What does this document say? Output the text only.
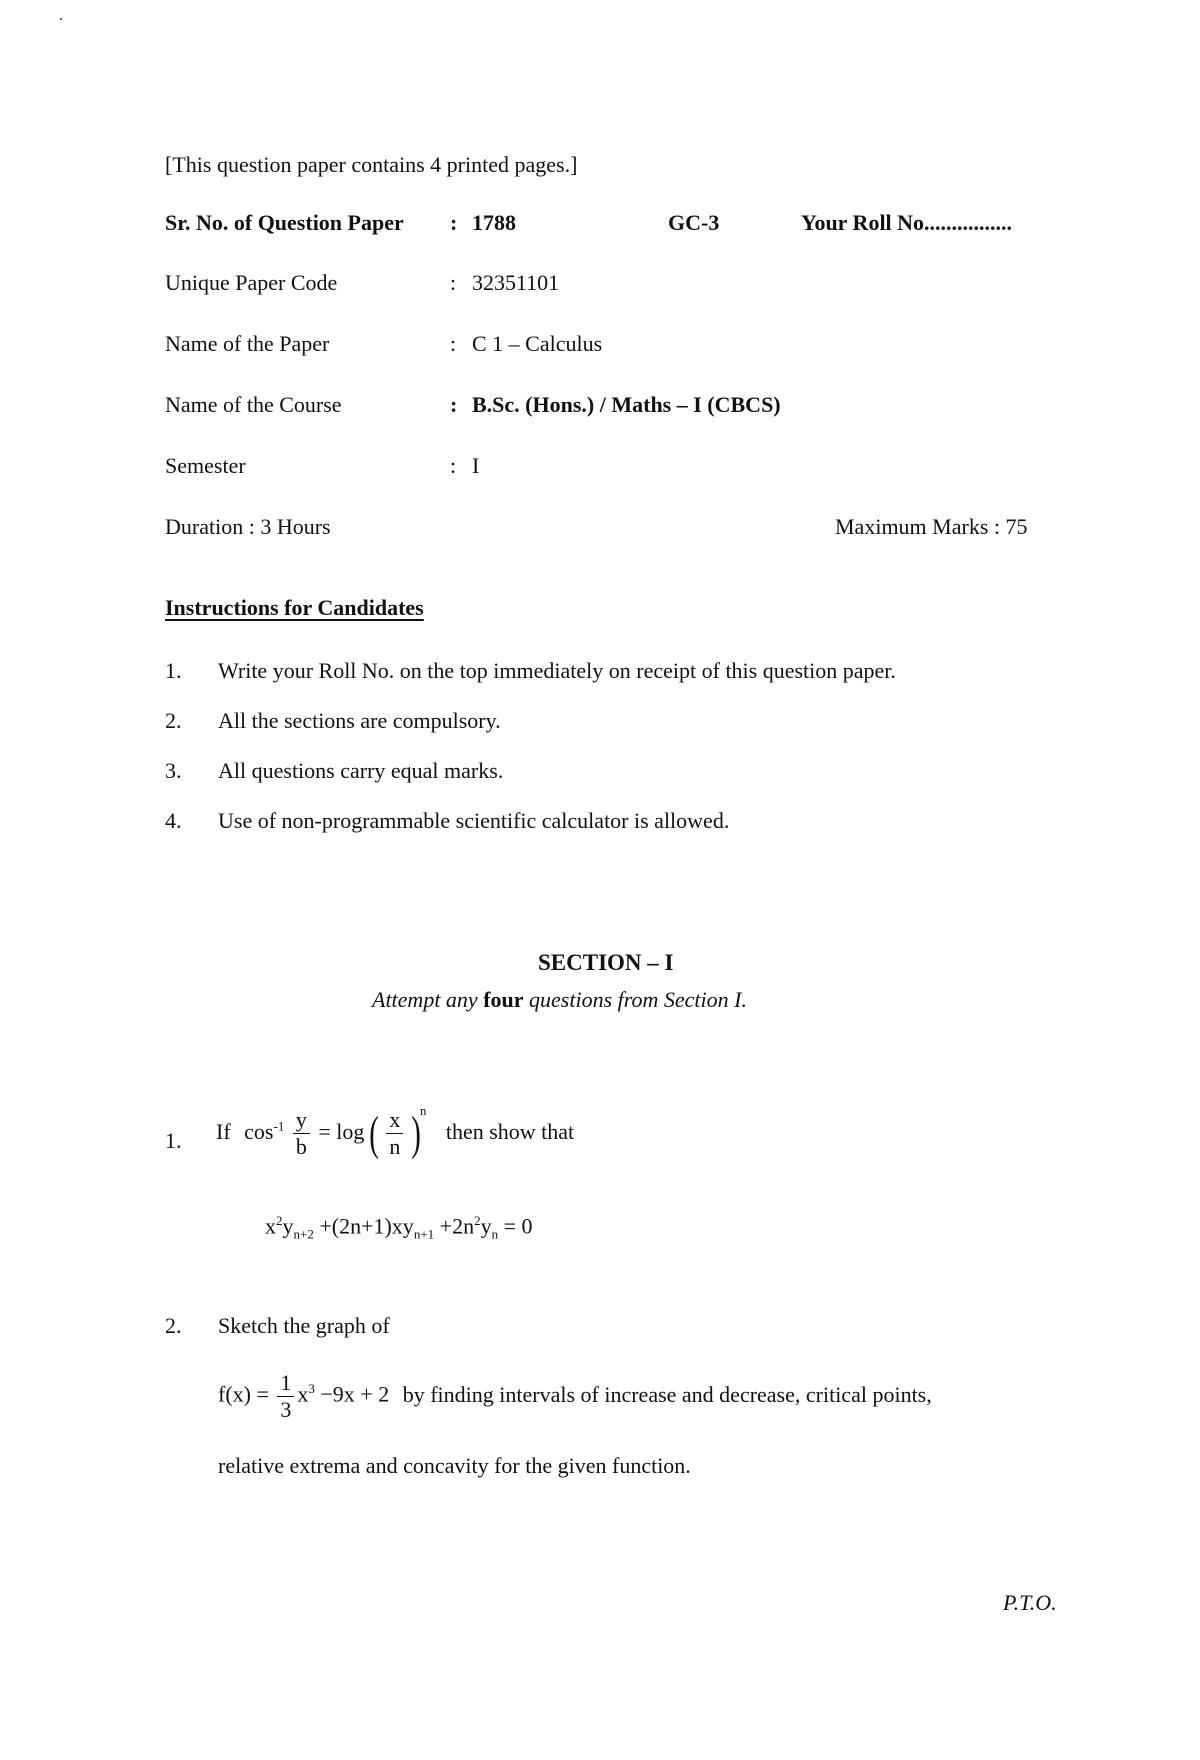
[This question paper contains 4 printed pages.]
Sr. No. of Question Paper : 1788	GC-3	Your Roll No................
Unique Paper Code	: 32351101
Name of the Paper	: C 1 – Calculus
Name of the Course	: B.Sc. (Hons.) / Maths – I (CBCS)
Semester	: I
Duration : 3 Hours	Maximum Marks : 75
Instructions for Candidates
1. Write your Roll No. on the top immediately on receipt of this question paper.
2. All the sections are compulsory.
3. All questions carry equal marks.
4. Use of non-programmable scientific calculator is allowed.
SECTION – I
Attempt any four questions from Section I.
1. If $\cos^{-1} \frac{y}{b} = \log$ ( $\frac{x}{n} )^n$ then show that
$x^2y_{n+2} +(2n+1)xy_{n+1} +2n^2y_n = 0$
2. Sketch the graph of
$f(x) = \frac{1}{3} x^3 -9x + 2$ by finding intervals of increase and decrease, critical points,
relative extrema and concavity for the given function.
P.T.O.
